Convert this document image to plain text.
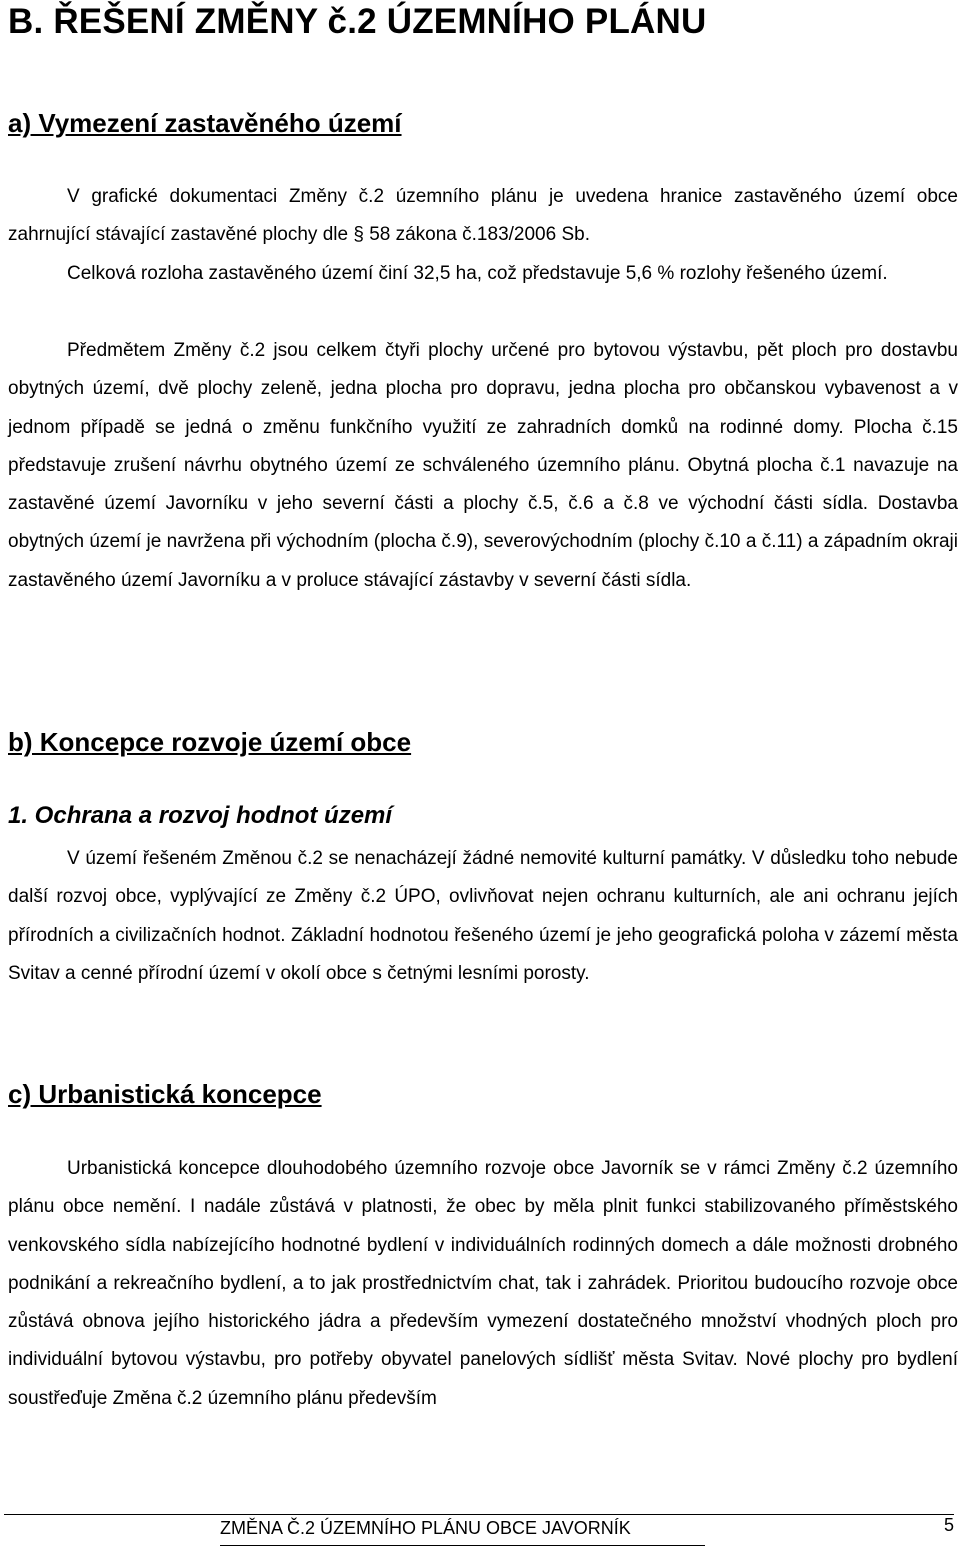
B. ŘEŠENÍ ZMĚNY č.2 ÚZEMNÍHO PLÁNU
a) Vymezení zastavěného území

V grafické dokumentaci Změny č.2 územního plánu je uvedena hranice zastavěného území obce zahrnující stávající zastavěné plochy dle § 58 zákona č.183/2006 Sb.

Celková rozloha zastavěného území činí 32,5 ha, což představuje 5,6 % rozlohy řešeného území.

Předmětem Změny č.2 jsou celkem čtyři plochy určené pro bytovou výstavbu, pět ploch pro dostavbu obytných území, dvě plochy zeleně, jedna plocha pro dopravu, jedna plocha pro občanskou vybavenost a v jednom případě se jedná o změnu funkčního využití ze zahradních domků na rodinné domy. Plocha č.15 představuje zrušení návrhu obytného území ze schváleného územního plánu. Obytná plocha č.1 navazuje na zastavěné území Javorníku v jeho severní části a plochy č.5, č.6 a č.8 ve východní části sídla. Dostavba obytných území je navržena při východním (plocha č.9), severovýchodním (plochy č.10 a č.11) a západním okraji zastavěného území Javorníku a v proluce stávající zástavby v severní části sídla.

b) Koncepce rozvoje území obce
1. Ochrana a rozvoj hodnot území

V území řešeném Změnou č.2 se nenacházejí žádné nemovité kulturní památky. V důsledku toho nebude další rozvoj obce, vyplývající ze Změny č.2 ÚPO, ovlivňovat nejen ochranu kulturních, ale ani ochranu jejích přírodních a civilizačních hodnot. Základní hodnotou řešeného území je jeho geografická poloha v zázemí města Svitav a cenné přírodní území v okolí obce s četnými lesními porosty.

c) Urbanistická koncepce

Urbanistická koncepce dlouhodobého územního rozvoje obce Javorník se v rámci Změny č.2 územního plánu obce nemění. I nadále zůstává v platnosti, že obec by měla plnit funkci stabilizovaného příměstského venkovského sídla nabízejícího hodnotné bydlení v individuálních rodinných domech a dále možnosti drobného podnikání a rekreačního bydlení, a to jak prostřednictvím chat, tak i zahrádek. Prioritou budoucího rozvoje obce zůstává obnova jejího historického jádra a především vymezení dostatečného množství vhodných ploch pro individuální bytovou výstavbu, pro potřeby obyvatel panelových sídlišť města Svitav. Nové plochy pro bydlení soustřeďuje Změna č.2 územního plánu především

ZMĚNA Č.2 ÚZEMNÍHO PLÁNU OBCE JAVORNÍK	5
